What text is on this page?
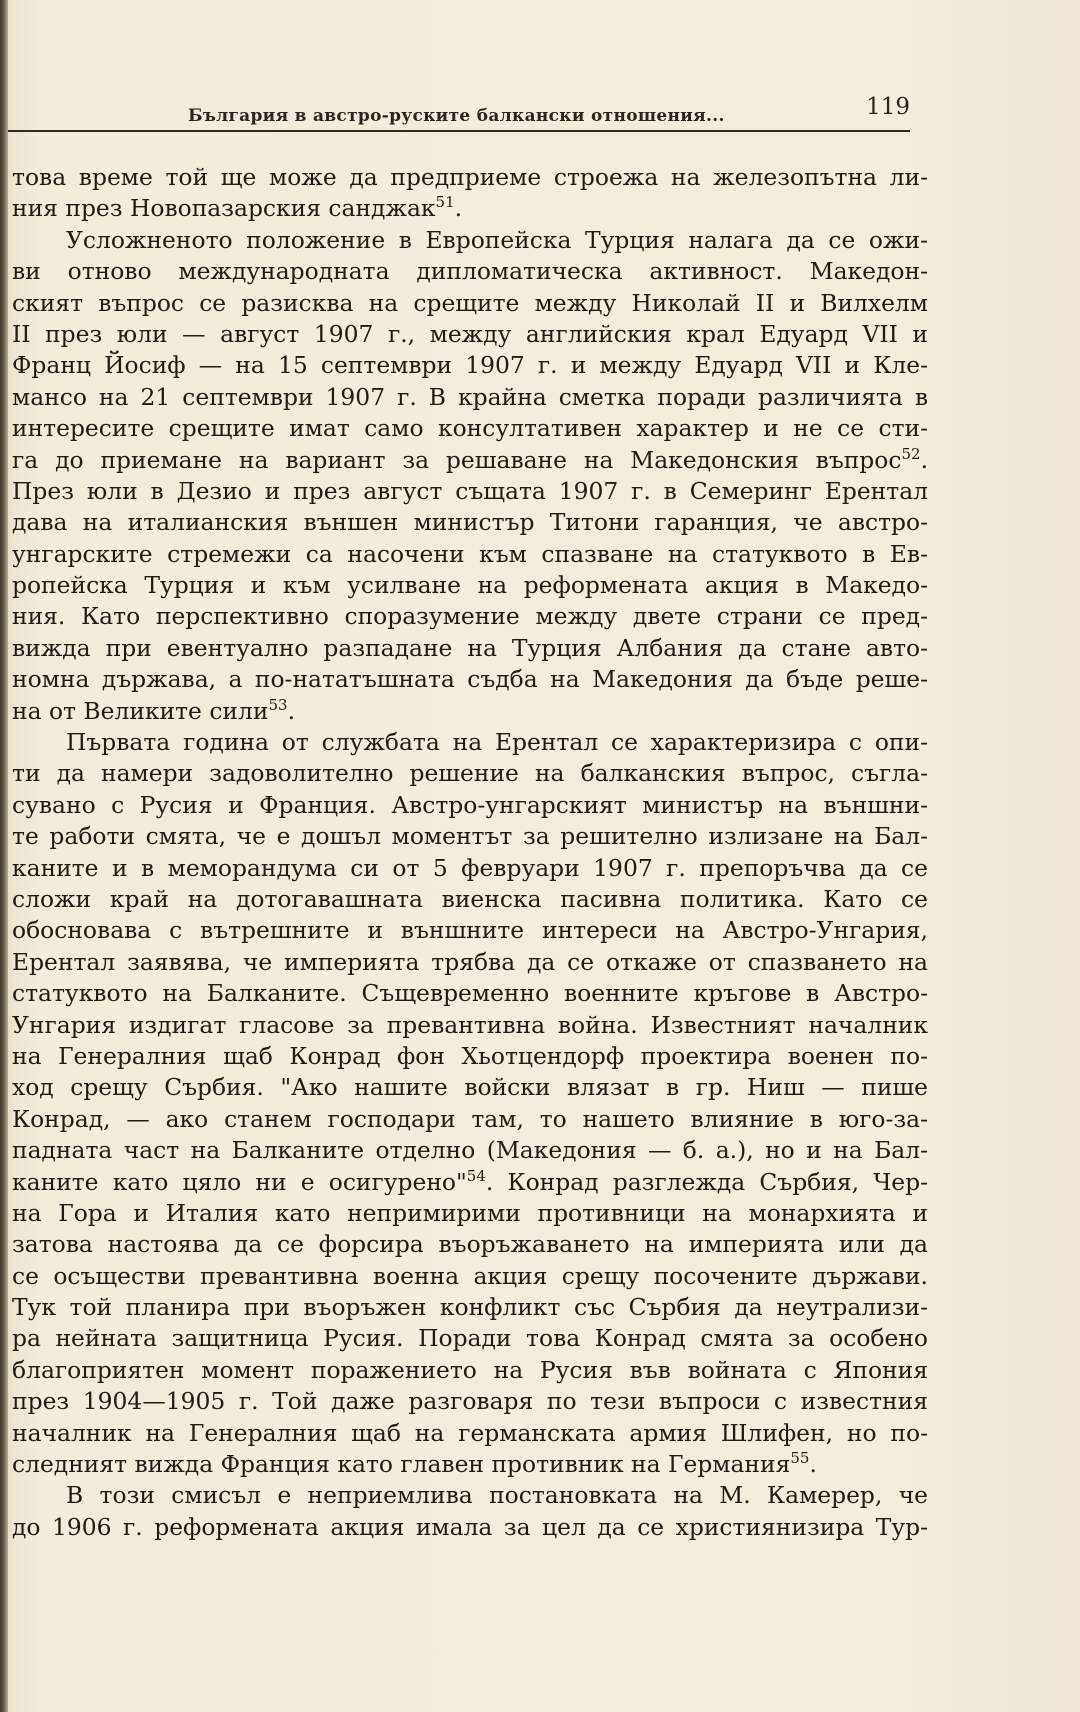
България в австро-руските балкански отношения...	119
това време той ще може да предприеме строежа на железопътна ли-
ния през Новопазарския санджак$^{51}$.
Усложненото положение в Европейска Турция налага да се ожи-
ви отново международната дипломатическа активност. Македон-
ският въпрос се разисква на срещите между Николай II и Вилхелм
II през юли — август 1907 г., между английския крал Едуард VII и
Франц Йосиф — на 15 септември 1907 г. и между Едуард VII и Кле-
мансо на 21 септември 1907 г. В крайна сметка поради различията в
интересите срещите имат само консултативен характер и не се сти-
га до приемане на вариант за решаване на Македонския въпрос$^{52}$.
През юли в Дезио и през август същата 1907 г. в Семеринг Ерентал
дава на италианския външен министър Титони гаранция, че австро-
унгарските стремежи са насочени към спазване на статуквото в Ев-
ропейска Турция и към усилване на реформената акция в Македо-
ния. Като перспективно споразумение между двете страни се пред-
вижда при евентуално разпадане на Турция Албания да стане авто-
номна държава, а по-нататъшната съдба на Македония да бъде реше-
на от Великите сили$^{53}$.
Първата година от службата на Ерентал се характеризира с опи-
ти да намери задоволително решение на балканския въпрос, съгла-
сувано с Русия и Франция. Австро-унгарският министър на външни-
те работи смята, че е дошъл моментът за решително излизане на Бал-
каните и в меморандума си от 5 февруари 1907 г. препоръчва да се
сложи край на дотогавашната виенска пасивна политика. Като се
обосновава с вътрешните и външните интереси на Австро-Унгария,
Ерентал заявява, че империята трябва да се откаже от спазването на
статуквото на Балканите. Същевременно военните кръгове в Австро-
Унгария издигат гласове за превантивна война. Известният началник
на Генералния щаб Конрад фон Хьотцендорф проектира военен по-
ход срещу Сърбия. "Ако нашите войски влязат в гр. Ниш — пише
Конрад, — ако станем господари там, то нашето влияние в юго-за-
падната част на Балканите отделно (Македония — б. а.), но и на Бал-
каните като цяло ни е осигурено"$^{54}$. Конрад разглежда Сърбия, Чер-
на Гора и Италия като непримирими противници на монархията и
затова настоява да се форсира въоръжаването на империята или да
се осъществи превантивна военна акция срещу посочените държави.
Тук той планира при въоръжен конфликт със Сърбия да неутрализи-
ра нейната защитница Русия. Поради това Конрад смята за особено
благоприятен момент поражението на Русия във войната с Япония
през 1904—1905 г. Той даже разговаря по тези въпроси с известния
началник на Генералния щаб на германската армия Шлифен, но по-
следният вижда Франция като главен противник на Германия$^{55}$.
В този смисъл е неприемлива постановката на М. Камерер, че
до 1906 г. реформената акция имала за цел да се християнизира Тур-
